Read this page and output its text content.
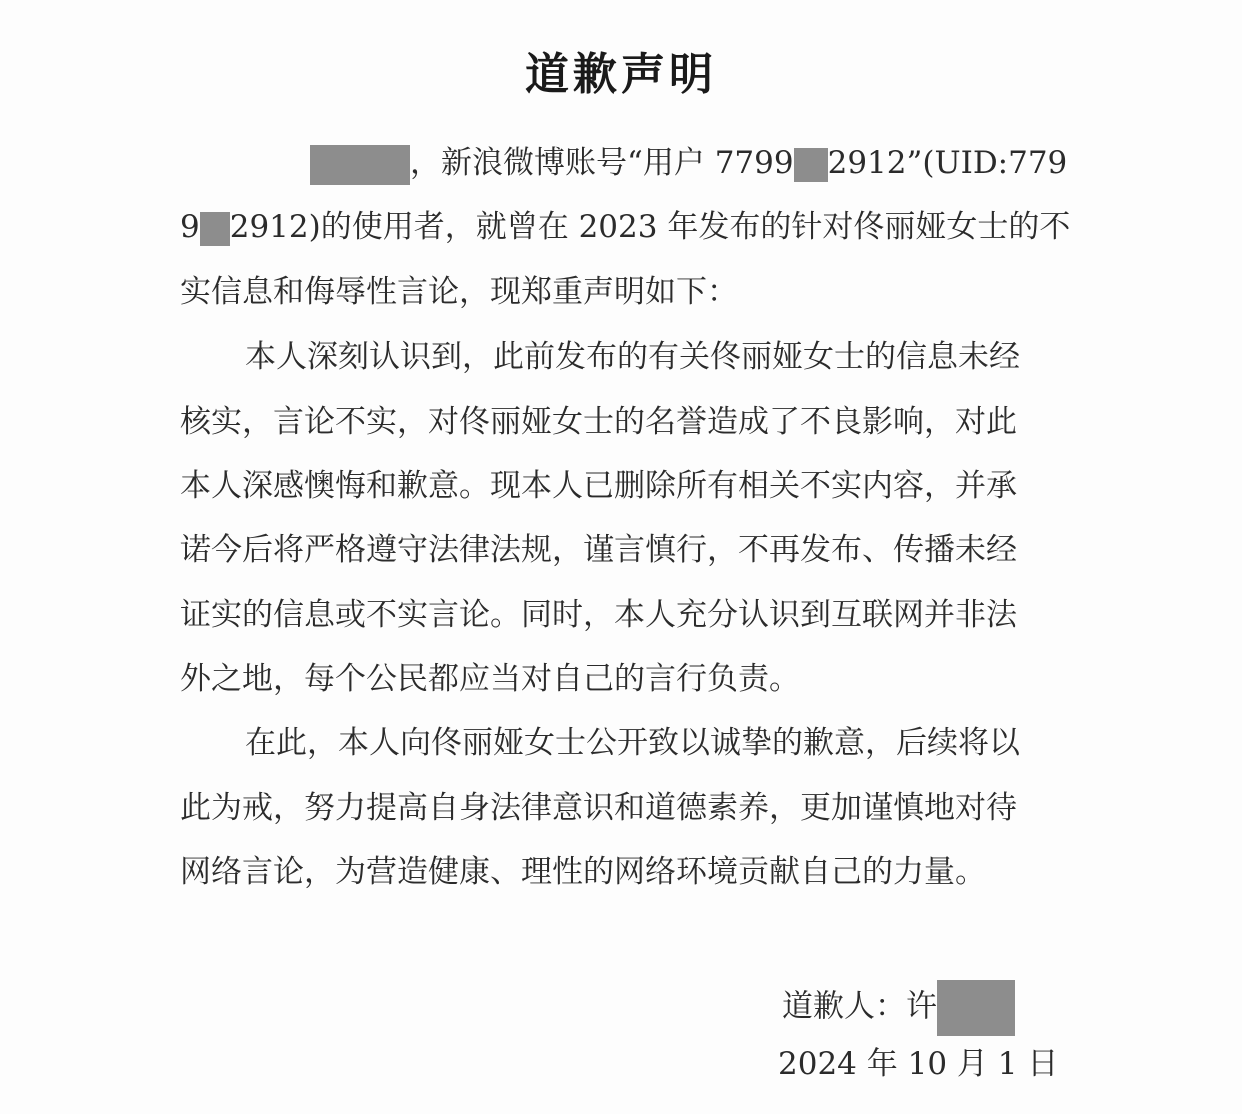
道歉声明
，新浪微博账号“用户 7799 2912”(UID:779
9 2912)的使用者，就曾在 2023 年发布的针对佟丽娅女士的不
实信息和侮辱性言论，现郑重声明如下：
本人深刻认识到，此前发布的有关佟丽娅女士的信息未经
核实，言论不实，对佟丽娅女士的名誉造成了不良影响，对此
本人深感懊悔和歉意。现本人已删除所有相关不实内容，并承
诺今后将严格遵守法律法规，谨言慎行，不再发布、传播未经
证实的信息或不实言论。同时，本人充分认识到互联网并非法
外之地，每个公民都应当对自己的言行负责。
在此，本人向佟丽娅女士公开致以诚挚的歉意，后续将以
此为戒，努力提高自身法律意识和道德素养，更加谨慎地对待
网络言论，为营造健康、理性的网络环境贡献自己的力量。
道歉人：许
2024 年 10 月 1 日
